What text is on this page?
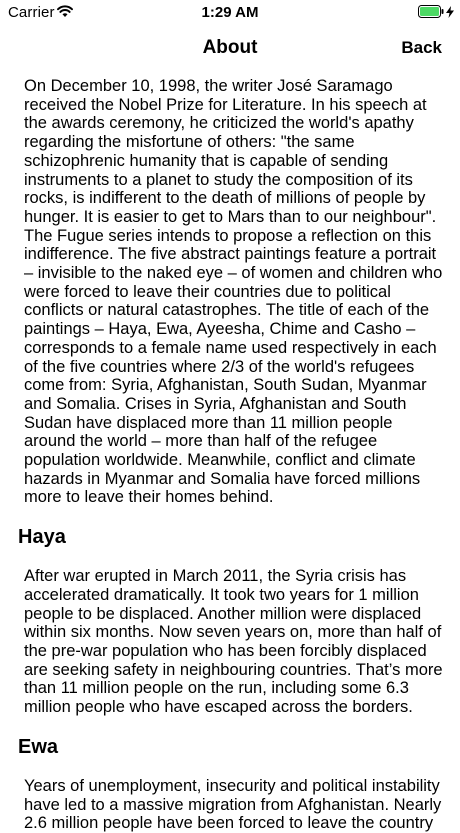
Carrier	1:29 AM
About	Back

On December 10, 1998, the writer José Saramago received the Nobel Prize for Literature. In his speech at the awards ceremony, he criticized the world's apathy regarding the misfortune of others: "the same schizophrenic humanity that is capable of sending instruments to a planet to study the composition of its rocks, is indifferent to the death of millions of people by hunger. It is easier to get to Mars than to our neighbour". The Fugue series intends to propose a reflection on this indifference. The five abstract paintings feature a portrait – invisible to the naked eye – of women and children who were forced to leave their countries due to political conflicts or natural catastrophes. The title of each of the paintings – Haya, Ewa, Ayeesha, Chime and Casho – corresponds to a female name used respectively in each of the five countries where 2/3 of the world's refugees come from: Syria, Afghanistan, South Sudan, Myanmar and Somalia. Crises in Syria, Afghanistan and South Sudan have displaced more than 11 million people around the world – more than half of the refugee population worldwide. Meanwhile, conflict and climate hazards in Myanmar and Somalia have forced millions more to leave their homes behind.

Haya

After war erupted in March 2011, the Syria crisis has accelerated dramatically. It took two years for 1 million people to be displaced. Another million were displaced within six months. Now seven years on, more than half of the pre-war population who has been forcibly displaced are seeking safety in neighbouring countries. That’s more than 11 million people on the run, including some 6.3 million people who have escaped across the borders.

Ewa

Years of unemployment, insecurity and political instability have led to a massive migration from Afghanistan. Nearly 2.6 million people have been forced to leave the country
